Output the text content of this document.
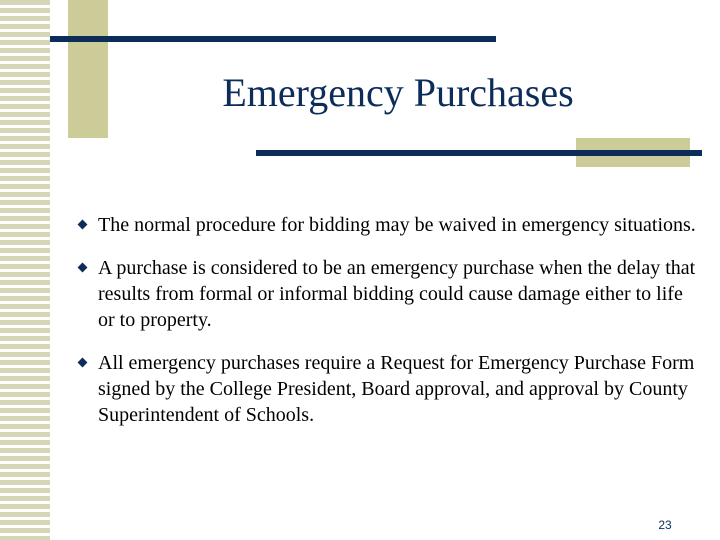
Emergency Purchases
The normal procedure for bidding may be waived in emergency situations.
A purchase is considered to be an emergency purchase when the delay that results from formal or informal bidding could cause damage either to life or to property.
All emergency purchases require a Request for Emergency Purchase Form signed by the College President, Board approval, and approval by County Superintendent of Schools.
23
